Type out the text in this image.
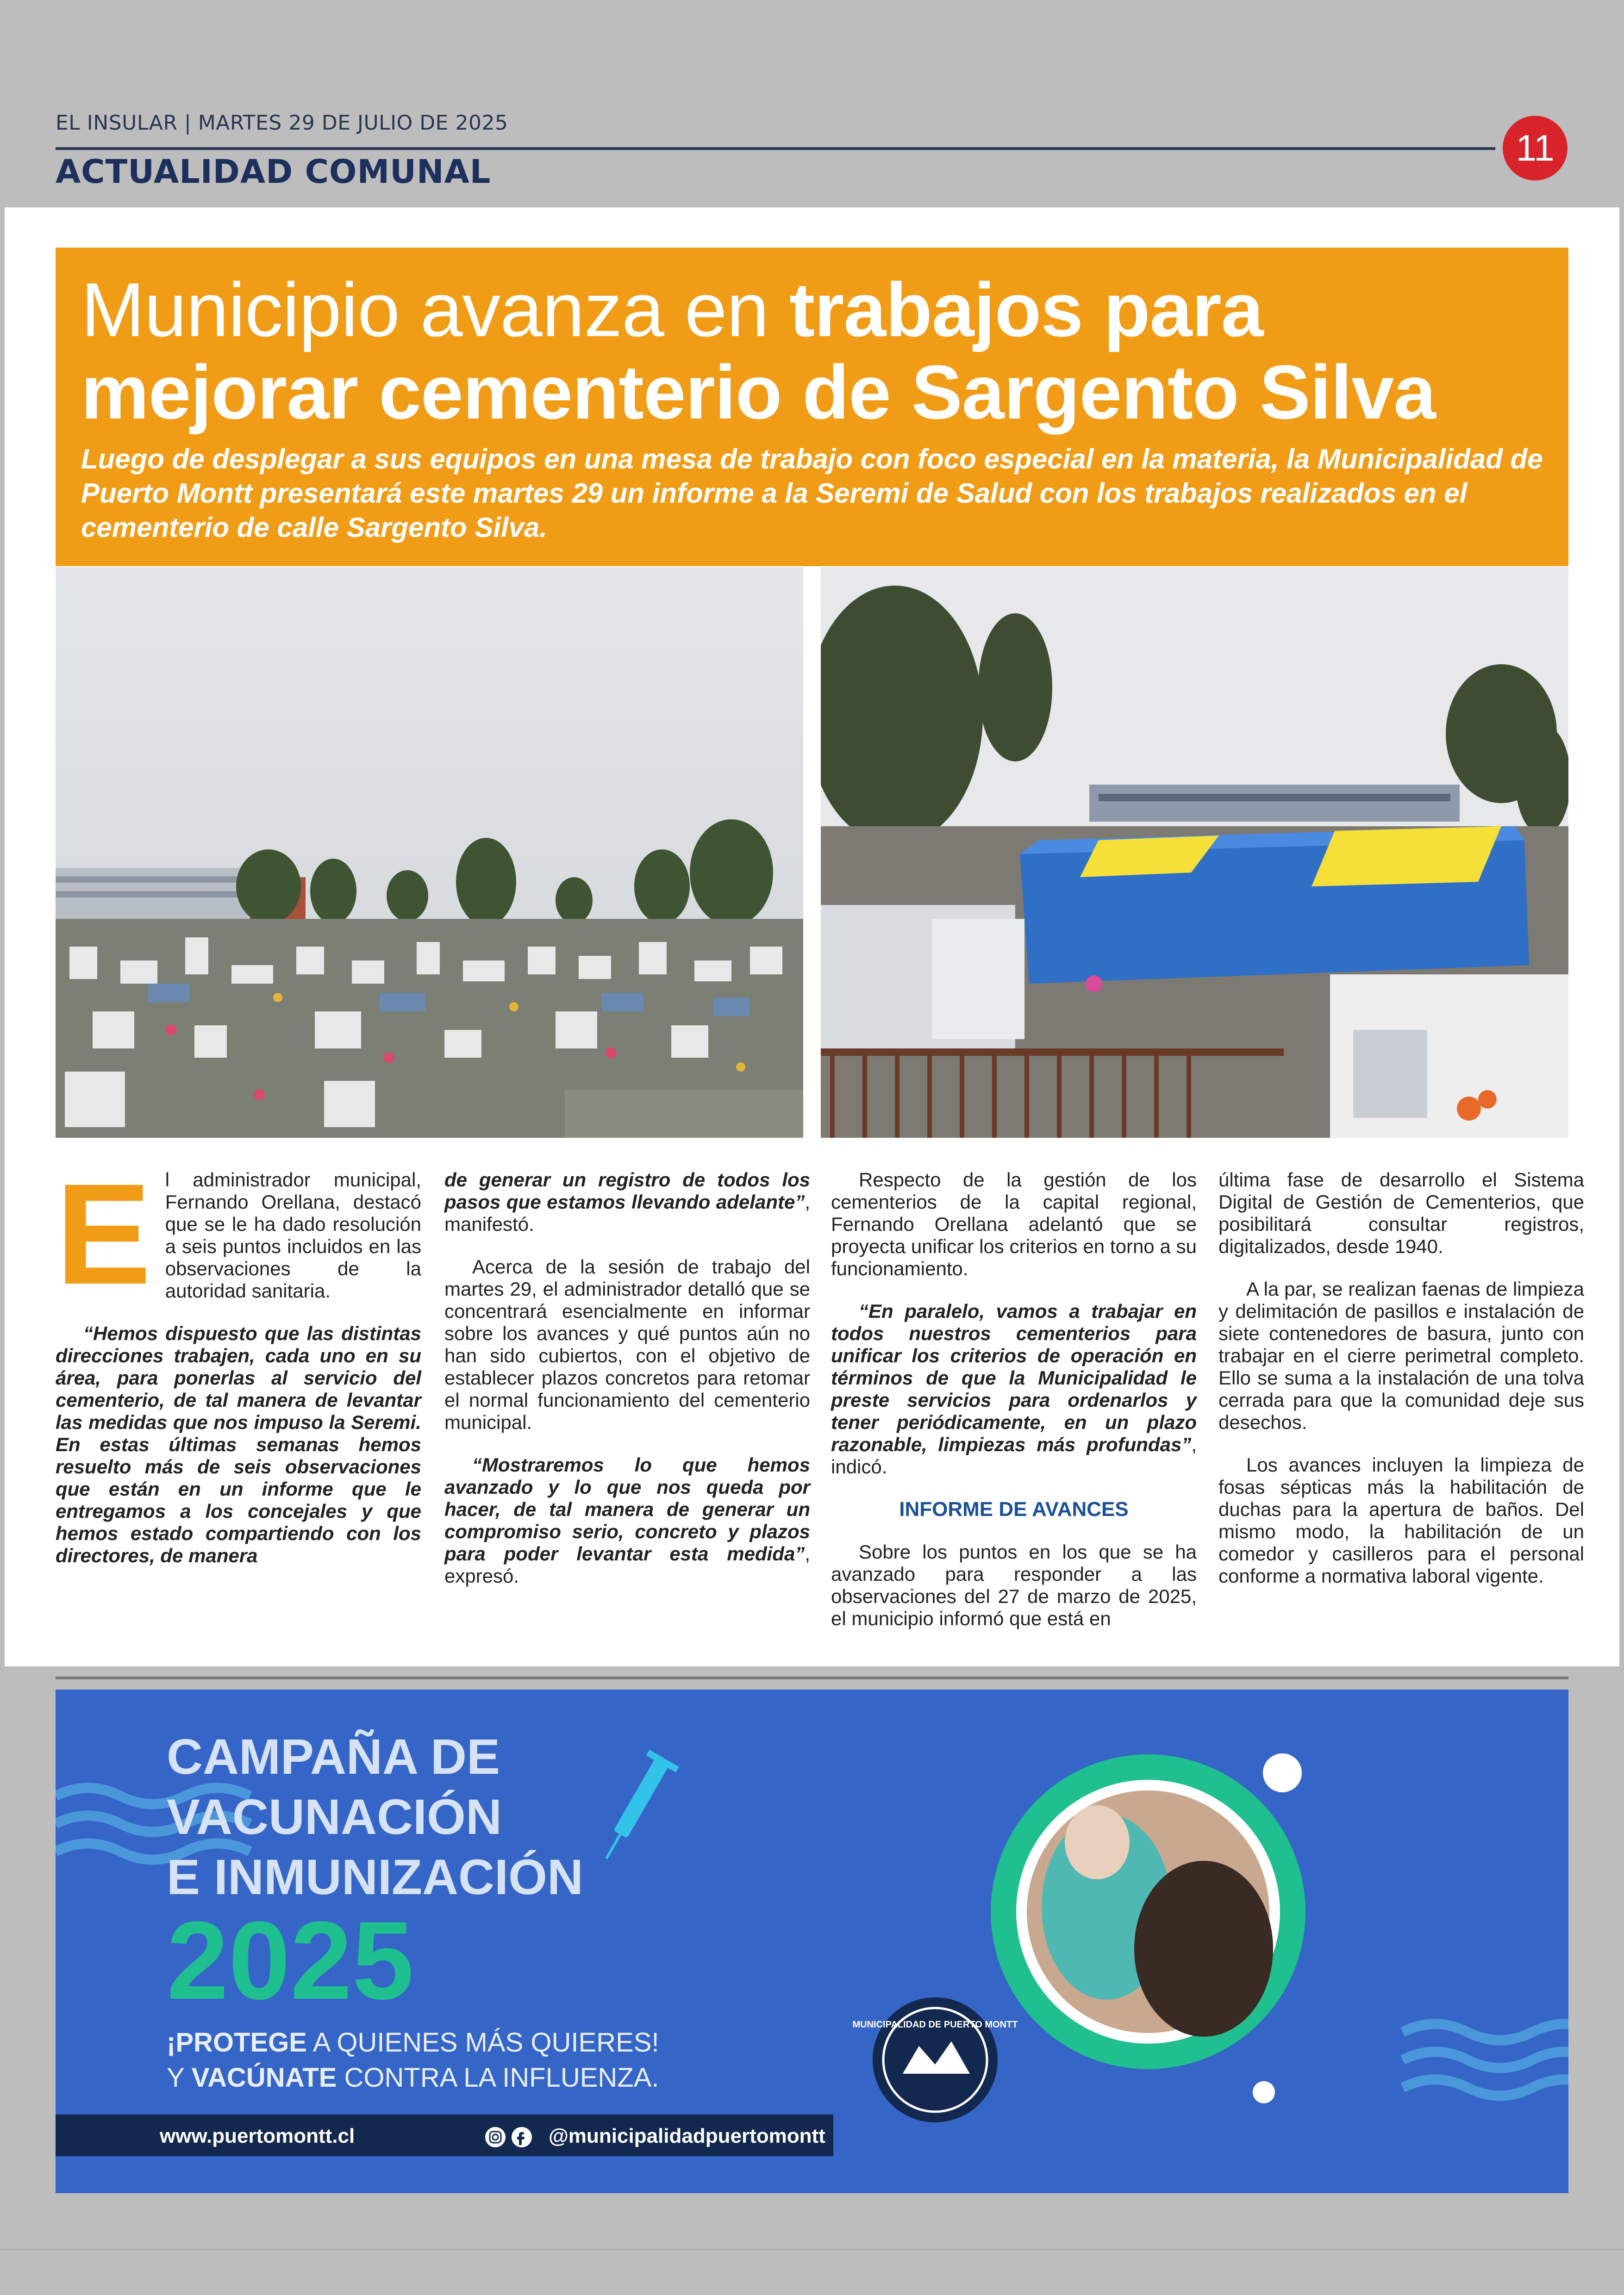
EL INSULAR | MARTES 29 DE JULIO DE 2025
ACTUALIDAD COMUNAL
11
Municipio avanza en trabajos para
mejorar cementerio de Sargento Silva
Luego de desplegar a sus equipos en una mesa de trabajo con foco especial en la materia, la Municipalidad de Puerto Montt presentará este martes 29 un informe a la Seremi de Salud con los trabajos realizados en el cementerio de calle Sargento Silva.

El administrador municipal, Fernando Orellana, destacó que se le ha dado resolución a seis puntos incluidos en las observaciones de la autoridad sanitaria.

“Hemos dispuesto que las distintas direcciones trabajen, cada uno en su área, para ponerlas al servicio del cementerio, de tal manera de levantar las medidas que nos impuso la Seremi. En estas últimas semanas hemos resuelto más de seis observaciones que están en un informe que le entregamos a los concejales y que hemos estado compartiendo con los directores, de manera

de generar un registro de todos los pasos que estamos llevando adelante”, manifestó.

Acerca de la sesión de trabajo del martes 29, el administrador detalló que se concentrará esencialmente en informar sobre los avances y qué puntos aún no han sido cubiertos, con el objetivo de establecer plazos concretos para retomar el normal funcionamiento del cementerio municipal.

“Mostraremos lo que hemos avanzado y lo que nos queda por hacer, de tal manera de generar un compromiso serio, concreto y plazos para poder levantar esta medida”, expresó.

Respecto de la gestión de los cementerios de la capital regional, Fernando Orellana adelantó que se proyecta unificar los criterios en torno a su funcionamiento.

“En paralelo, vamos a trabajar en todos nuestros cementerios para unificar los criterios de operación en términos de que la Municipalidad le preste servicios para ordenarlos y tener periódicamente, en un plazo razonable, limpiezas más profundas”, indicó.

INFORME DE AVANCES

Sobre los puntos en los que se ha avanzado para responder a las observaciones del 27 de marzo de 2025, el municipio informó que está en

última fase de desarrollo el Sistema Digital de Gestión de Cementerios, que posibilitará consultar registros, digitalizados, desde 1940.

A la par, se realizan faenas de limpieza y delimitación de pasillos e instalación de siete contenedores de basura, junto con trabajar en el cierre perimetral completo. Ello se suma a la instalación de una tolva cerrada para que la comunidad deje sus desechos.

Los avances incluyen la limpieza de fosas sépticas más la habilitación de duchas para la apertura de baños. Del mismo modo, la habilitación de un comedor y casilleros para el personal conforme a normativa laboral vigente.

MUNICIPALIDAD DE PUERTO MONTT
CAMPAÑA DE
VACUNACIÓN
E INMUNIZACIÓN
2025
¡PROTEGE A QUIENES MÁS QUIERES!
Y VACÚNATE CONTRA LA INFLUENZA.
www.puertomontt.cl	@municipalidadpuertomontt
